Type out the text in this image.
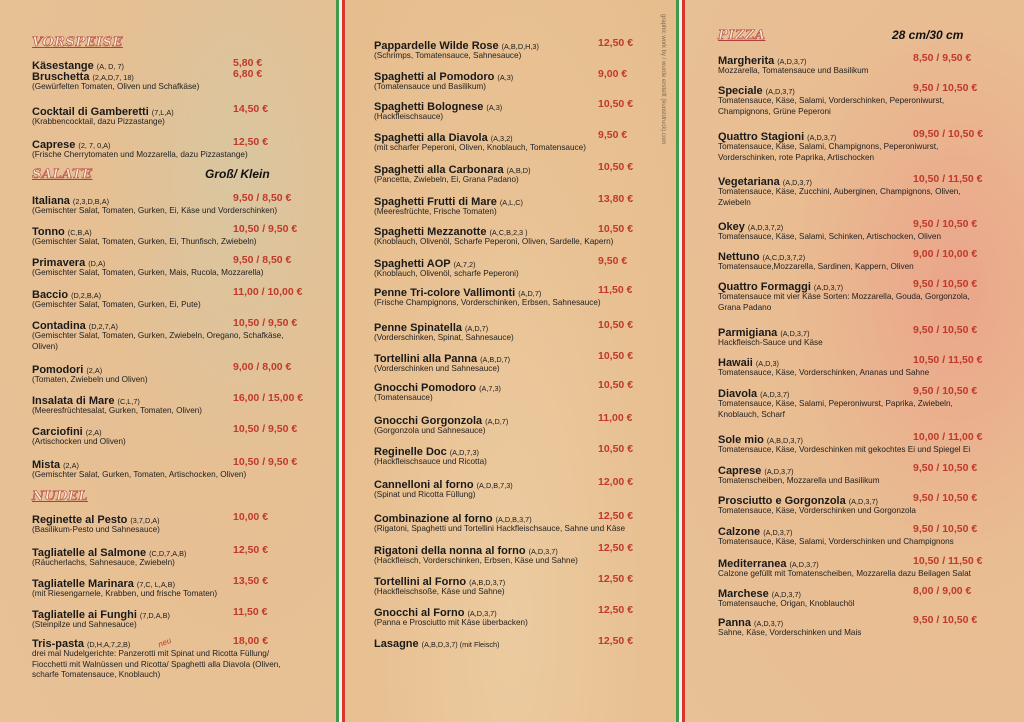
graphic work by / wurde erstellt (kunstdruck).com
VORSPEISE
SALATE	Groß/ Klein
NUDEL
PIZZA	28 cm/30 cm
neu
Käsestange (A, D, 7)	5,80 €
Bruschetta (2,A,D,7, 18)	6,80 €
(Gewürfelten Tomaten, Oliven und Schafkäse)
Cocktail di Gamberetti (7,L,A)	14,50 €
(Krabbencocktail, dazu Pizzastange)
Caprese (2, 7, 0,A)	12,50 €
(Frische Cherrytomaten und Mozzarella, dazu Pizzastange)
Italiana (2,3,D,B,A)	9,50 / 8,50 €
(Gemischter Salat, Tomaten, Gurken, Ei, Käse und Vorderschinken)
Tonno (C,B,A)	10,50 / 9,50 €
(Gemischter Salat, Tomaten, Gurken, Ei, Thunfisch, Zwiebeln)
Primavera (D,A)	9,50 / 8,50 €
(Gemischter Salat, Tomaten, Gurken, Mais, Rucola, Mozzarella)
Baccio (D,2,B,A)	11,00 / 10,00 €
(Gemischter Salat, Tomaten, Gurken, Ei, Pute)
Contadina (D,2,7,A)	10,50 / 9,50 €
(Gemischter Salat, Tomaten, Gurken, Zwiebeln, Oregano, Schafkäse,
Oliven)
Pomodori (2,A)	9,00 / 8,00 €
(Tomaten, Zwiebeln und Oliven)
Insalata di Mare (C,L,7)	16,00 / 15,00 €
(Meeresfrüchtesalat, Gurken, Tomaten, Oliven)
Carciofini (2,A)	10,50 / 9,50 €
(Artischocken und Oliven)
Mista (2,A)	10,50 / 9,50 €
(Gemischter Salat, Gurken, Tomaten, Artischocken, Oliven)
Reginette al Pesto (3,7,D,A)	10,00 €
(Basilikum-Pesto und Sahnesauce)
Tagliatelle al Salmone (C,D,7,A,B)	12,50 €
(Räucherlachs, Sahnesauce, Zwiebeln)
Tagliatelle Marinara (7,C, L,A,B)	13,50 €
(mit Riesengarnele, Krabben, und frische Tomaten)
Tagliatelle ai Funghi (7,D,A,B)	11,50 €
(Steinpilze und Sahnesauce)
Tris-pasta (D,H,A,7,2,B)	18,00 €
drei mal Nudelgerichte: Panzerotti mit Spinat und Ricotta Füllung/
Fiocchetti mit Walnüssen und Ricotta/ Spaghetti alla Diavola (Oliven,
scharfe Tomatensauce, Knoblauch)
Pappardelle Wilde Rose (A,B,D,H,3)	12,50 €
(Schrimps, Tomatensauce, Sahnesauce)
Spaghetti al Pomodoro (A,3)	9,00 €
(Tomatensauce und Basilikum)
Spaghetti Bolognese (A,3)	10,50 €
(Hackfleischsauce)
Spaghetti alla Diavola (A,3,2)	9,50 €
(mit scharfer Peperoni, Oliven, Knoblauch, Tomatensauce)
Spaghetti alla Carbonara (A,B,D)	10,50 €
(Pancetta, Zwiebeln, Ei, Grana Padano)
Spaghetti Frutti di Mare (A,L,C)	13,80 €
(Meeresfrüchte, Frische Tomaten)
Spaghetti Mezzanotte (A,C,B,2,3 )	10,50 €
(Knoblauch, Olivenöl, Scharfe Peperoni, Oliven, Sardelle, Kapern)
Spaghetti AOP (A,7,2)	9,50 €
(Knoblauch, Olivenöl, scharfe Peperoni)
Penne Tri-colore Vallimonti (A,D,7)	11,50 €
(Frische Champignons, Vorderschinken, Erbsen, Sahnesauce)
Penne Spinatella (A,D,7)	10,50 €
(Vorderschinken, Spinat, Sahnesauce)
Tortellini alla Panna (A,B,D,7)	10,50 €
(Vorderschinken und Sahnesauce)
Gnocchi Pomodoro (A,7,3)	10,50 €
(Tomatensauce)
Gnocchi Gorgonzola (A,D,7)	11,00 €
(Gorgonzola und Sahnesauce)
Reginelle Doc (A,D,7,3)	10,50 €
(Hackfleischsauce und Ricotta)
Cannelloni al forno (A,D,B,7,3)	12,00 €
(Spinat und Ricotta Füllung)
Combinazione al forno (A,D,B,3,7)	12,50 €
(Rigatoni, Spaghetti und Tortellini Hackfleischsauce, Sahne und Käse
Rigatoni della nonna al forno (A,D,3,7)	12,50 €
(Hackfleisch, Vorderschinken, Erbsen, Käse und Sahne)
Tortellini al Forno (A,B,D,3,7)	12,50 €
(Hackfleischsoße, Käse und Sahne)
Gnocchi al Forno (A,D,3,7)	12,50 €
(Panna e Prosciutto mit Käse überbacken)
Lasagne (A,B,D,3,7) (mit Fleisch)	12,50 €
Margherita (A,D,3,7)	8,50 / 9,50 €
Mozzarella, Tomatensauce und Basilikum
Speciale (A,D,3,7)	9,50 / 10,50 €
Tomatensauce, Käse, Salami, Vorderschinken, Peperoniwurst,
Champignons, Grüne Peperoni
Quattro Stagioni (A,D,3,7)	09,50 / 10,50 €
Tomatensauce, Käse, Salami, Champignons, Peperoniwurst,
Vorderschinken, rote Paprika, Artischocken
Vegetariana (A,D,3,7)	10,50 / 11,50 €
Tomatensauce, Käse, Zucchini, Auberginen, Champignons, Oliven,
Zwiebeln
Okey (A,D,3,7,2)	9,50 / 10,50 €
Tomatensauce, Käse, Salami, Schinken, Artischocken, Oliven
Nettuno (A,C,D,3,7,2)	9,00 / 10,00 €
Tomatensauce,Mozzarella, Sardinen, Kappern, Oliven
Quattro Formaggi (A,D,3,7)	9,50 / 10,50 €
Tomatensauce mit vier Käse Sorten: Mozzarella, Gouda, Gorgonzola,
Grana Padano
Parmigiana (A,D,3,7)	9,50 / 10,50 €
Hackfleisch-Sauce und Käse
Hawaii (A,D,3)	10,50 / 11,50 €
Tomatensauce, Käse, Vorderschinken, Ananas und Sahne
Diavola (A,D,3,7)	9,50 / 10,50 €
Tomatensauce, Käse, Salami, Peperoniwurst, Paprika, Zwiebeln,
Knoblauch, Scharf
Sole mio (A,B,D,3,7)	10,00 / 11,00 €
Tomatensauce, Käse, Vordeschinken mit gekochtes Ei und Spiegel Ei
Caprese (A,D,3,7)	9,50 / 10,50 €
Tomatenscheiben, Mozzarella und Basilikum
Prosciutto e Gorgonzola (A,D,3,7)	9,50 / 10,50 €
Tomatensauce, Käse, Vorderschinken und Gorgonzola
Calzone (A,D,3,7)	9,50 / 10,50 €
Tomatensauce, Käse, Salami, Vorderschinken und Champignons
Mediterranea (A,D,3,7)	10,50 / 11,50 €
Calzone gefüllt mit Tomatenscheiben, Mozzarella dazu Beilagen Salat
Marchese (A,D,3,7)	8,00 / 9,00 €
Tomatensauche, Origan, Knoblauchöl
Panna (A,D,3,7)	9,50 / 10,50 €
Sahne, Käse, Vorderschinken und Mais
